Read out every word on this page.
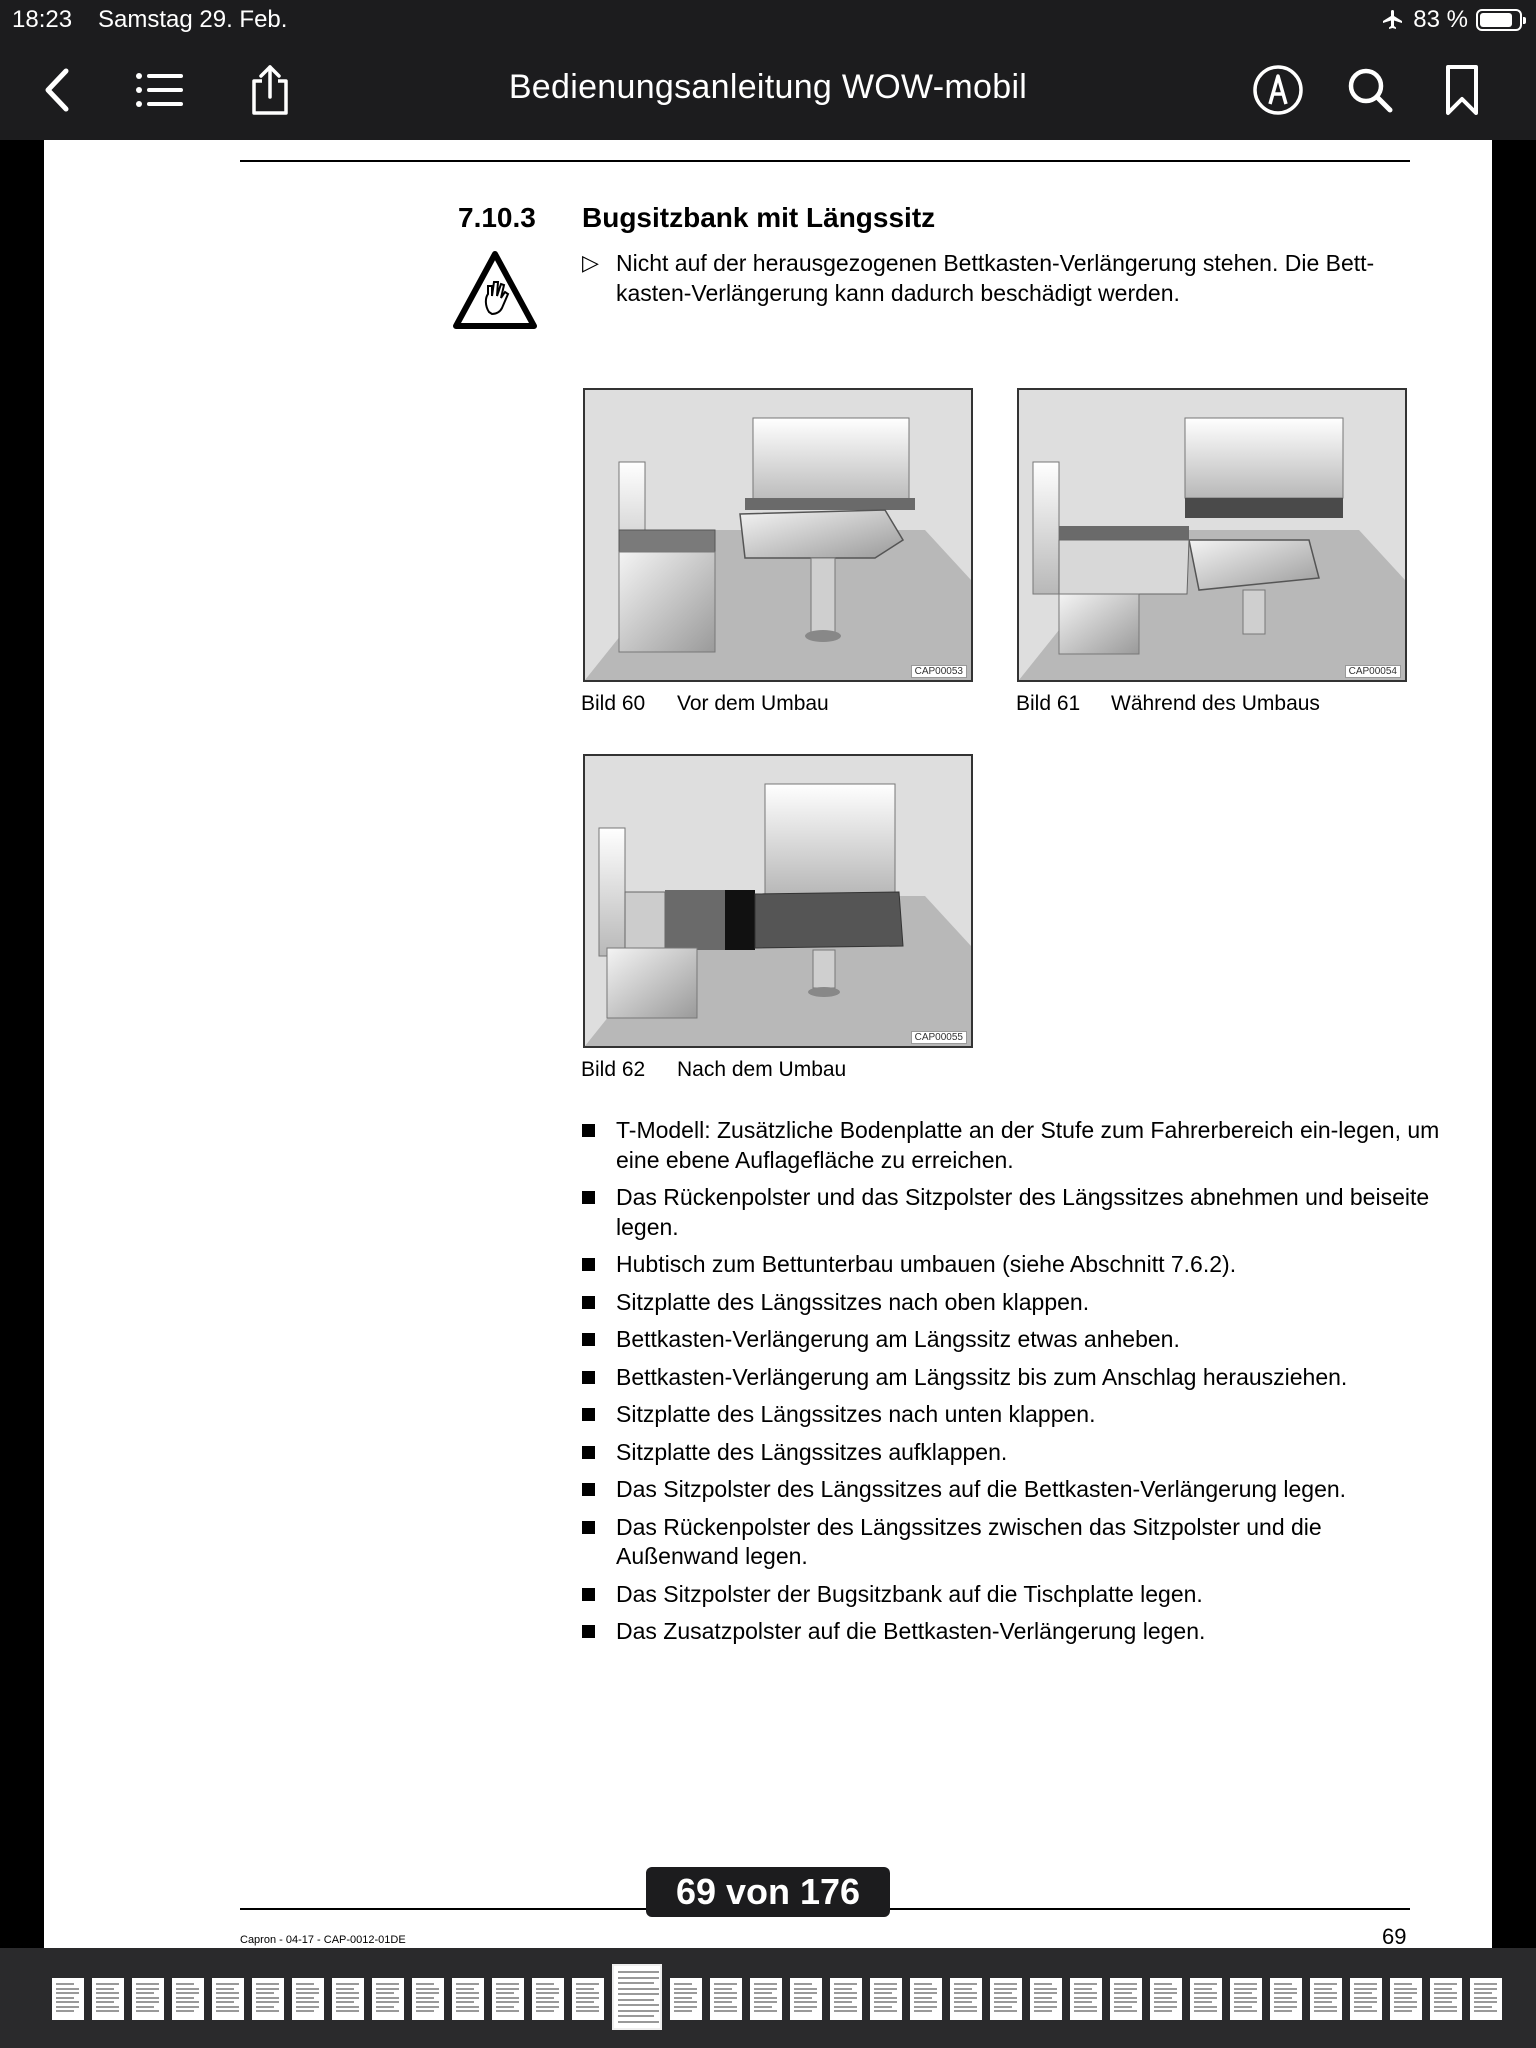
18:23 Samstag 29. Feb.	83 %
Bedienungsanleitung WOW-mobil
7.10.3 Bugsitzbank mit Längssitz
▷ Nicht auf der herausgezogenen Bettkasten-Verlängerung stehen. Die Bett-kasten-Verlängerung kann dadurch beschädigt werden.
CAP00053
Bild 60 Vor dem Umbau
CAP00054
Bild 61 Während des Umbaus
CAP00055
Bild 62 Nach dem Umbau
T-Modell: Zusätzliche Bodenplatte an der Stufe zum Fahrerbereich ein-legen, um eine ebene Auflagefläche zu erreichen.
Das Rückenpolster und das Sitzpolster des Längssitzes abnehmen und beiseite legen.
Hubtisch zum Bettunterbau umbauen (siehe Abschnitt 7.6.2).
Sitzplatte des Längssitzes nach oben klappen.
Bettkasten-Verlängerung am Längssitz etwas anheben.
Bettkasten-Verlängerung am Längssitz bis zum Anschlag herausziehen.
Sitzplatte des Längssitzes nach unten klappen.
Sitzplatte des Längssitzes aufklappen.
Das Sitzpolster des Längssitzes auf die Bettkasten-Verlängerung legen.
Das Rückenpolster des Längssitzes zwischen das Sitzpolster und die Außenwand legen.
Das Sitzpolster der Bugsitzbank auf die Tischplatte legen.
Das Zusatzpolster auf die Bettkasten-Verlängerung legen.
Capron - 04-17 - CAP-0012-01DE	69
69 von 176
